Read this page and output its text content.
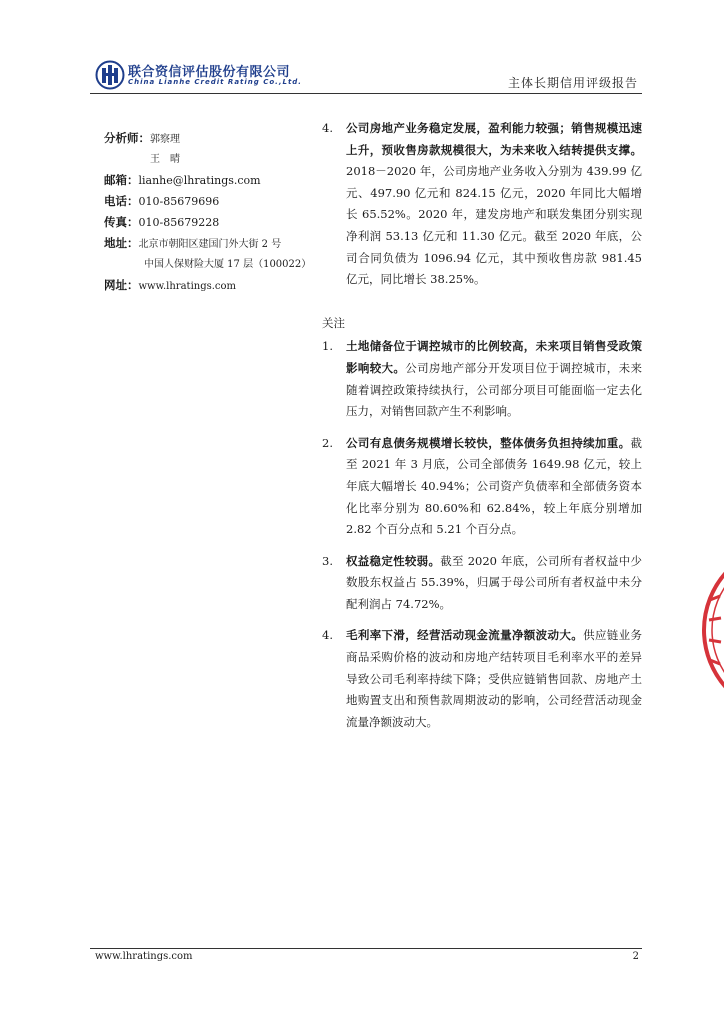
联合资信评估股份有限公司
China Lianhe Credit Rating Co.,Ltd.	主体长期信用评级报告
分析师：郭察理
王　晴
邮箱：lianhe@lhratings.com
电话：010-85679696
传真：010-85679228
地址：北京市朝阳区建国门外大街 2 号
中国人保财险大厦 17 层（100022）
网址：www.lhratings.com
4.	公司房地产业务稳定发展，盈利能力较强；销售规模迅速上升，预收售房款规模很大，为未来收入结转提供支撑。2018－2020 年，公司房地产业务收入分别为 439.99 亿元、497.90 亿元和 824.15 亿元，2020 年同比大幅增长 65.52%。2020 年，建发房地产和联发集团分别实现净利润 53.13 亿元和 11.30 亿元。截至 2020 年底，公司合同负债为 1096.94 亿元，其中预收售房款 981.45 亿元，同比增长 38.25%。
关注
1.	土地储备位于调控城市的比例较高，未来项目销售受政策影响较大。公司房地产部分开发项目位于调控城市，未来随着调控政策持续执行，公司部分项目可能面临一定去化压力，对销售回款产生不利影响。
2.	公司有息债务规模增长较快，整体债务负担持续加重。截至 2021 年 3 月底，公司全部债务 1649.98 亿元，较上年底大幅增长 40.94%；公司资产负债率和全部债务资本化比率分别为 80.60%和 62.84%，较上年底分别增加 2.82 个百分点和 5.21 个百分点。
3.	权益稳定性较弱。截至 2020 年底，公司所有者权益中少数股东权益占 55.39%，归属于母公司所有者权益中未分配利润占 74.72%。
4.	毛利率下滑，经营活动现金流量净额波动大。供应链业务商品采购价格的波动和房地产结转项目毛利率水平的差异导致公司毛利率持续下降；受供应链销售回款、房地产土地购置支出和预售款周期波动的影响，公司经营活动现金流量净额波动大。
www.lhratings.com	2
